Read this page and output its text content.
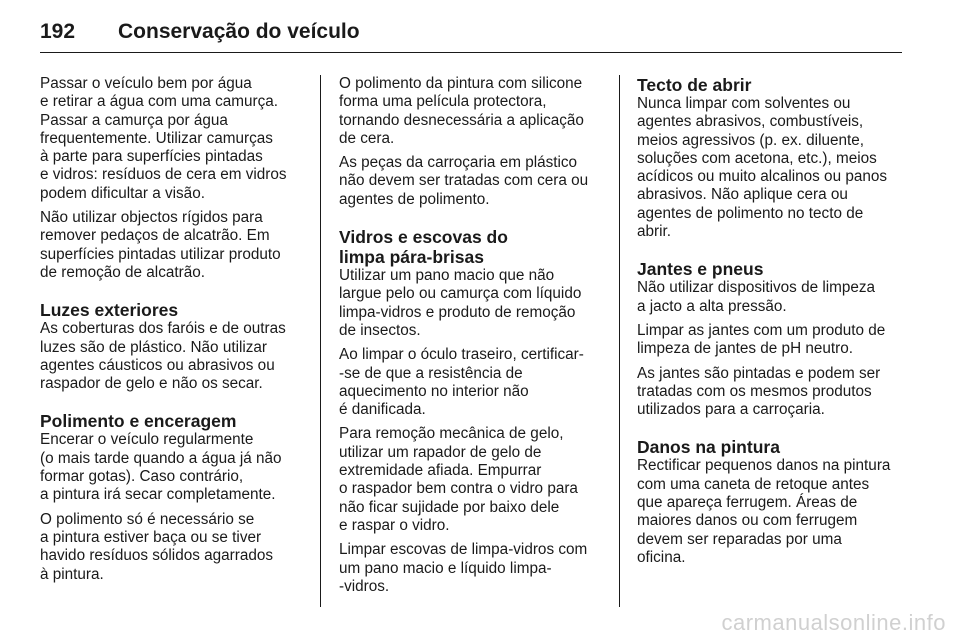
192 Conservação do veículo
Passar o veículo bem por água
e retirar a água com uma camurça.
Passar a camurça por água
frequentemente. Utilizar camurças
à parte para superfícies pintadas
e vidros: resíduos de cera em vidros
podem dificultar a visão.
Não utilizar objectos rígidos para
remover pedaços de alcatrão. Em
superfícies pintadas utilizar produto
de remoção de alcatrão.
Luzes exteriores
As coberturas dos faróis e de outras
luzes são de plástico. Não utilizar
agentes cáusticos ou abrasivos ou
raspador de gelo e não os secar.
Polimento e enceragem
Encerar o veículo regularmente
(o mais tarde quando a água já não
formar gotas). Caso contrário,
a pintura irá secar completamente.
O polimento só é necessário se
a pintura estiver baça ou se tiver
havido resíduos sólidos agarrados
à pintura.
O polimento da pintura com silicone
forma uma película protectora,
tornando desnecessária a aplicação
de cera.
As peças da carroçaria em plástico
não devem ser tratadas com cera ou
agentes de polimento.
Vidros e escovas do
limpa pára-brisas
Utilizar um pano macio que não
largue pelo ou camurça com líquido
limpa-vidros e produto de remoção
de insectos.
Ao limpar o óculo traseiro, certificar-
-se de que a resistência de
aquecimento no interior não
é danificada.
Para remoção mecânica de gelo,
utilizar um rapador de gelo de
extremidade afiada. Empurrar
o raspador bem contra o vidro para
não ficar sujidade por baixo dele
e raspar o vidro.
Limpar escovas de limpa-vidros com
um pano macio e líquido limpa-
-vidros.
Tecto de abrir
Nunca limpar com solventes ou
agentes abrasivos, combustíveis,
meios agressivos (p. ex. diluente,
soluções com acetona, etc.), meios
acídicos ou muito alcalinos ou panos
abrasivos. Não aplique cera ou
agentes de polimento no tecto de
abrir.
Jantes e pneus
Não utilizar dispositivos de limpeza
a jacto a alta pressão.
Limpar as jantes com um produto de
limpeza de jantes de pH neutro.
As jantes são pintadas e podem ser
tratadas com os mesmos produtos
utilizados para a carroçaria.
Danos na pintura
Rectificar pequenos danos na pintura
com uma caneta de retoque antes
que apareça ferrugem. Áreas de
maiores danos ou com ferrugem
devem ser reparadas por uma
oficina.
carmanualsonline.info
